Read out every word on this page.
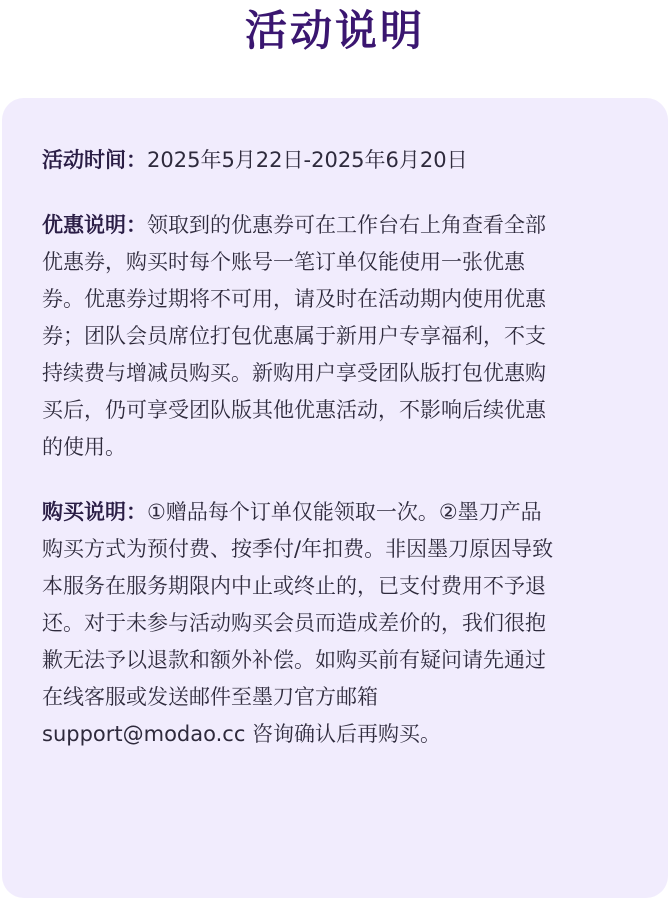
活动说明

活动时间：2025年5月22日-2025年6月20日

优惠说明：领取到的优惠券可在工作台右上角查看全部
优惠券，购买时每个账号一笔订单仅能使用一张优惠
券。优惠券过期将不可用，请及时在活动期内使用优惠
券；团队会员席位打包优惠属于新用户专享福利，不支
持续费与增减员购买。新购用户享受团队版打包优惠购
买后，仍可享受团队版其他优惠活动，不影响后续优惠
的使用。

购买说明：①赠品每个订单仅能领取一次。②墨刀产品
购买方式为预付费、按季付/年扣费。非因墨刀原因导致
本服务在服务期限内中止或终止的，已支付费用不予退
还。对于未参与活动购买会员而造成差价的，我们很抱
歉无法予以退款和额外补偿。如购买前有疑问请先通过
在线客服或发送邮件至墨刀官方邮箱
support@modao.cc 咨询确认后再购买。
